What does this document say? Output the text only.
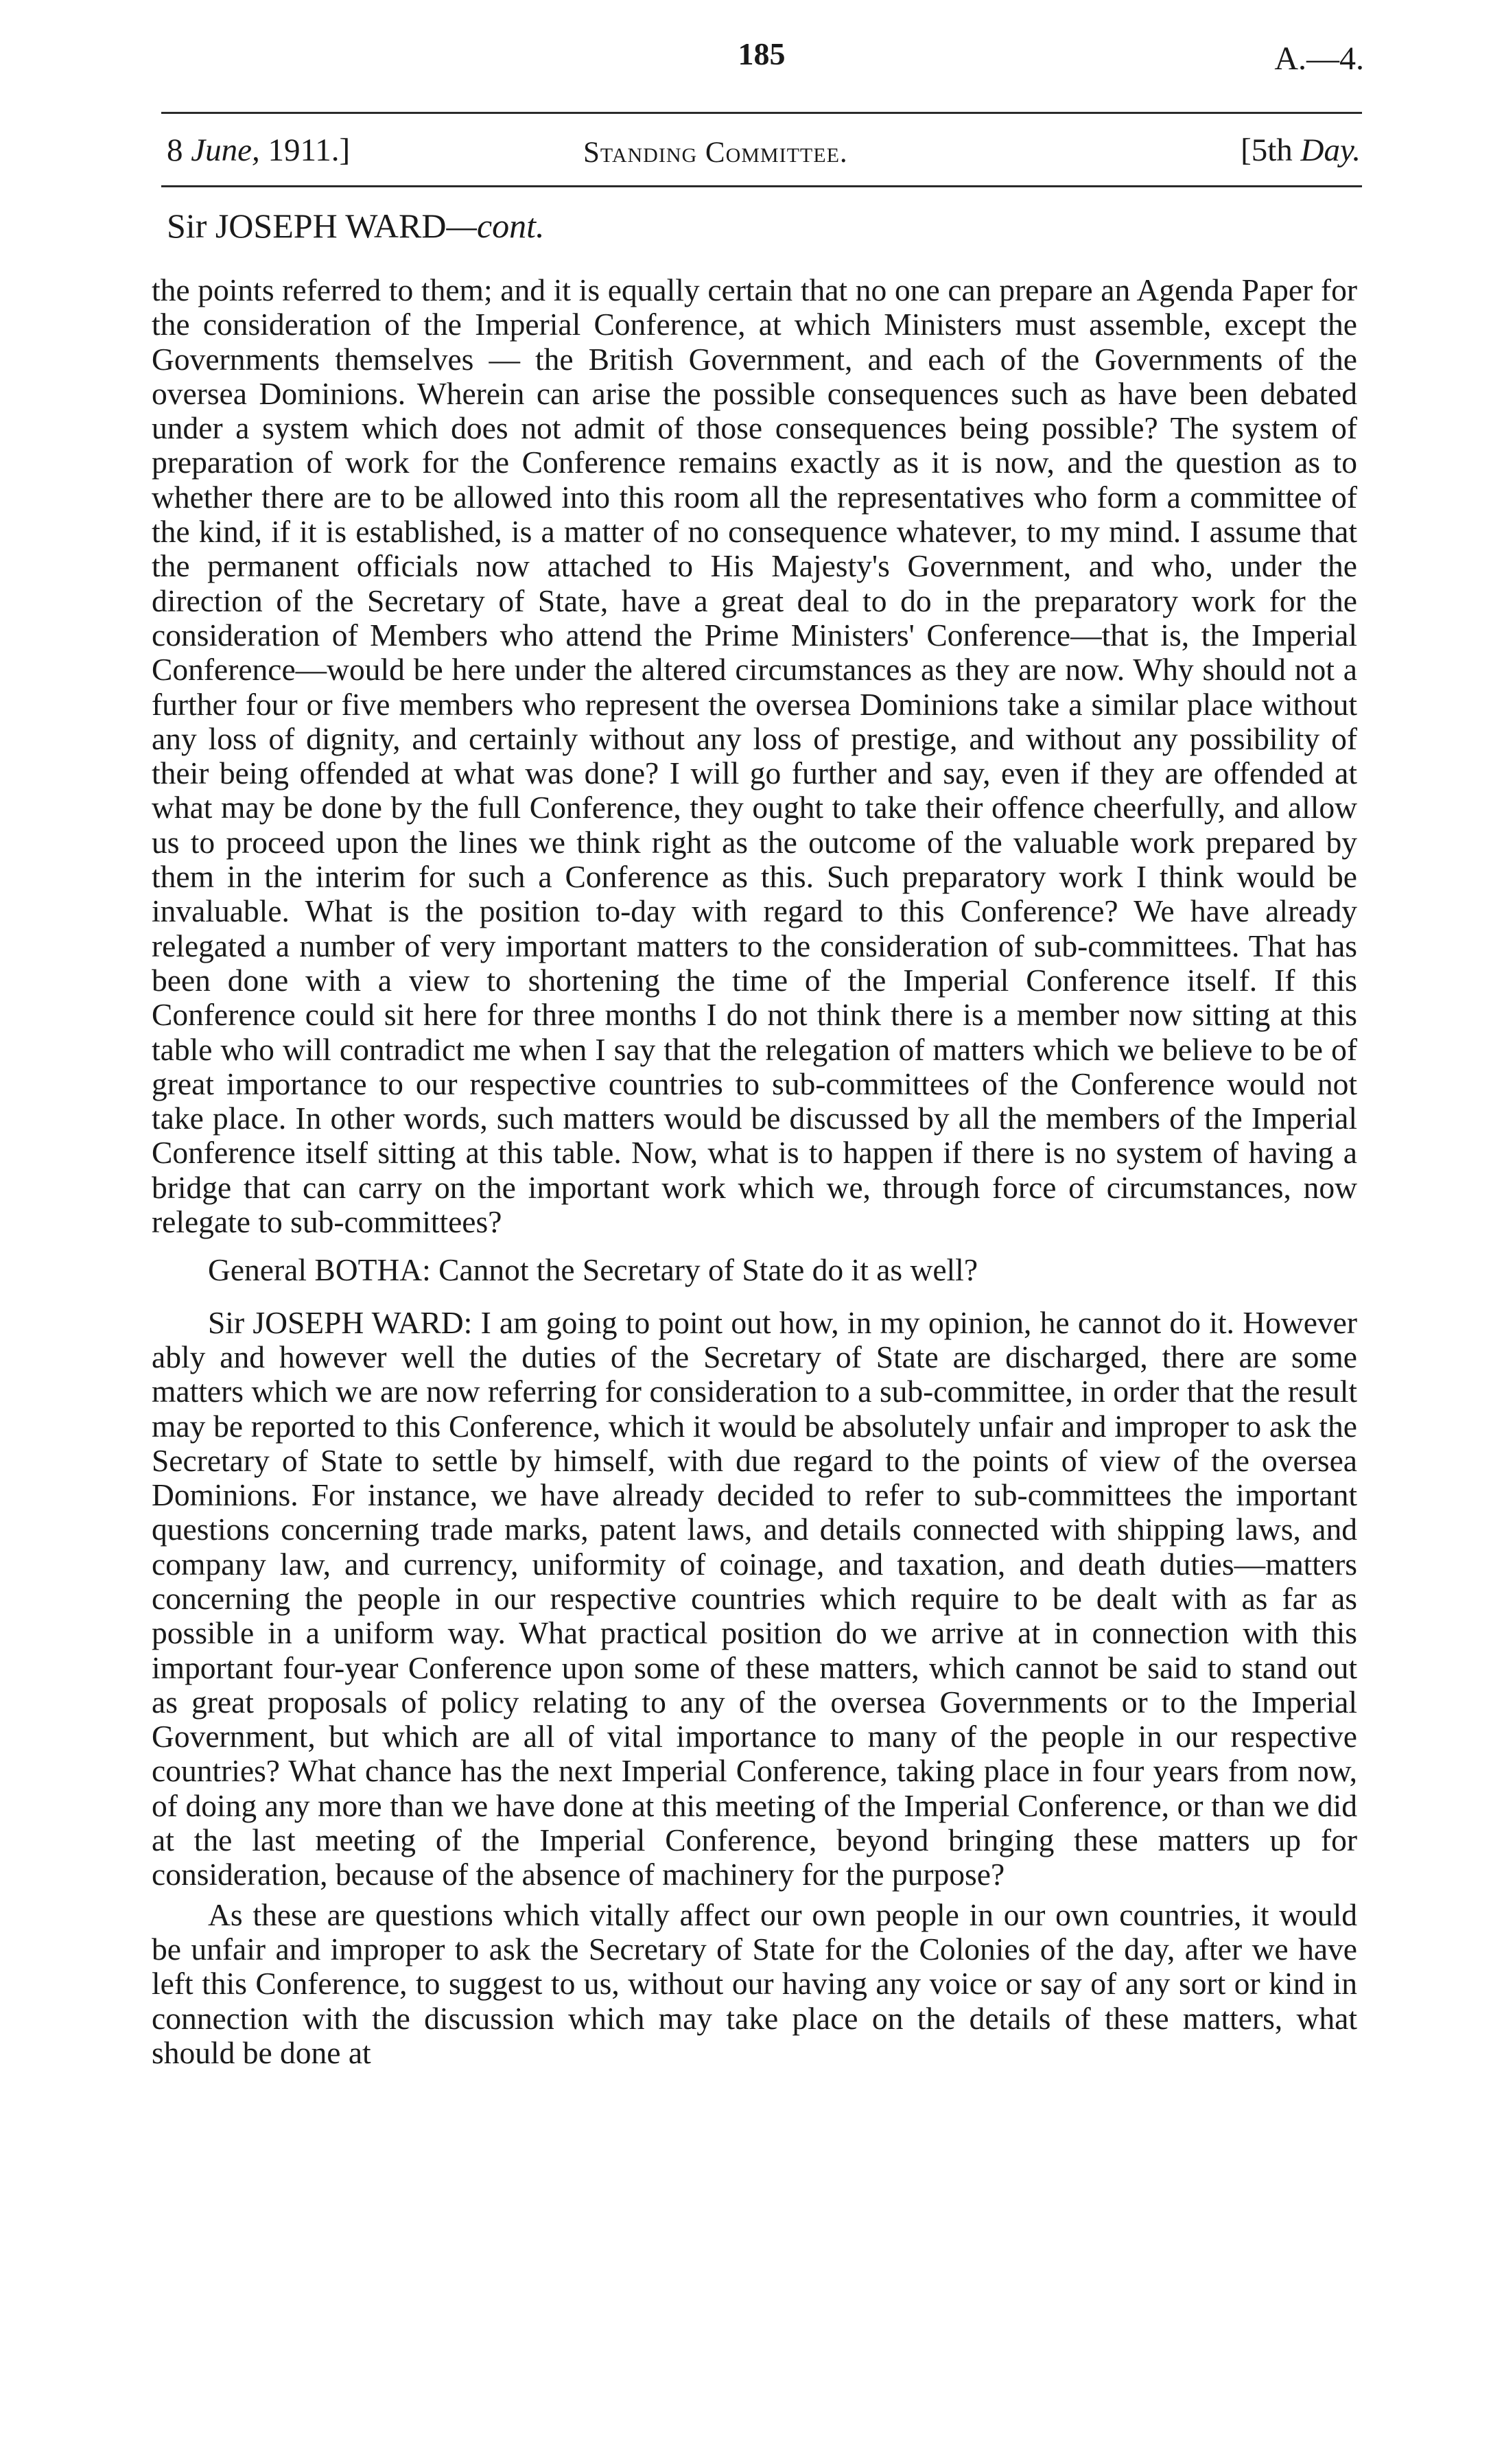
185	A.—4.
8 June, 1911.]	Standing Committee.	[5th Day.
Sir JOSEPH WARD—cont.

the points referred to them; and it is equally certain that no one can prepare an Agenda Paper for the consideration of the Imperial Conference, at which Ministers must assemble, except the Governments themselves — the British Government, and each of the Governments of the oversea Dominions. Wherein can arise the possible consequences such as have been debated under a system which does not admit of those consequences being possible? The system of preparation of work for the Conference remains exactly as it is now, and the question as to whether there are to be allowed into this room all the representatives who form a committee of the kind, if it is established, is a matter of no consequence whatever, to my mind. I assume that the permanent officials now attached to His Majesty's Government, and who, under the direction of the Secretary of State, have a great deal to do in the preparatory work for the consideration of Members who attend the Prime Ministers' Conference—that is, the Imperial Conference—would be here under the altered circumstances as they are now. Why should not a further four or five members who represent the oversea Dominions take a similar place without any loss of dignity, and certainly without any loss of prestige, and without any possibility of their being offended at what was done? I will go further and say, even if they are offended at what may be done by the full Conference, they ought to take their offence cheerfully, and allow us to proceed upon the lines we think right as the outcome of the valuable work prepared by them in the interim for such a Conference as this. Such preparatory work I think would be invaluable. What is the position to-day with regard to this Conference? We have already relegated a number of very important matters to the consideration of sub-committees. That has been done with a view to shortening the time of the Imperial Conference itself. If this Conference could sit here for three months I do not think there is a member now sitting at this table who will contradict me when I say that the relegation of matters which we believe to be of great importance to our respective countries to sub-committees of the Conference would not take place. In other words, such matters would be discussed by all the members of the Imperial Conference itself sitting at this table. Now, what is to happen if there is no system of having a bridge that can carry on the important work which we, through force of circumstances, now relegate to sub-committees?

General BOTHA: Cannot the Secretary of State do it as well?

Sir JOSEPH WARD: I am going to point out how, in my opinion, he cannot do it. However ably and however well the duties of the Secretary of State are discharged, there are some matters which we are now referring for consideration to a sub-committee, in order that the result may be reported to this Conference, which it would be absolutely unfair and improper to ask the Secretary of State to settle by himself, with due regard to the points of view of the oversea Dominions. For instance, we have already decided to refer to sub-committees the important questions concerning trade marks, patent laws, and details connected with shipping laws, and company law, and currency, uniformity of coinage, and taxation, and death duties—matters concerning the people in our respective countries which require to be dealt with as far as possible in a uniform way. What practical position do we arrive at in connection with this important four-year Conference upon some of these matters, which cannot be said to stand out as great proposals of policy relating to any of the oversea Governments or to the Imperial Government, but which are all of vital importance to many of the people in our respective countries? What chance has the next Imperial Conference, taking place in four years from now, of doing any more than we have done at this meeting of the Imperial Conference, or than we did at the last meeting of the Imperial Conference, beyond bringing these matters up for consideration, because of the absence of machinery for the purpose?

As these are questions which vitally affect our own people in our own countries, it would be unfair and improper to ask the Secretary of State for the Colonies of the day, after we have left this Conference, to suggest to us, without our having any voice or say of any sort or kind in connection with the discussion which may take place on the details of these matters, what should be done at
